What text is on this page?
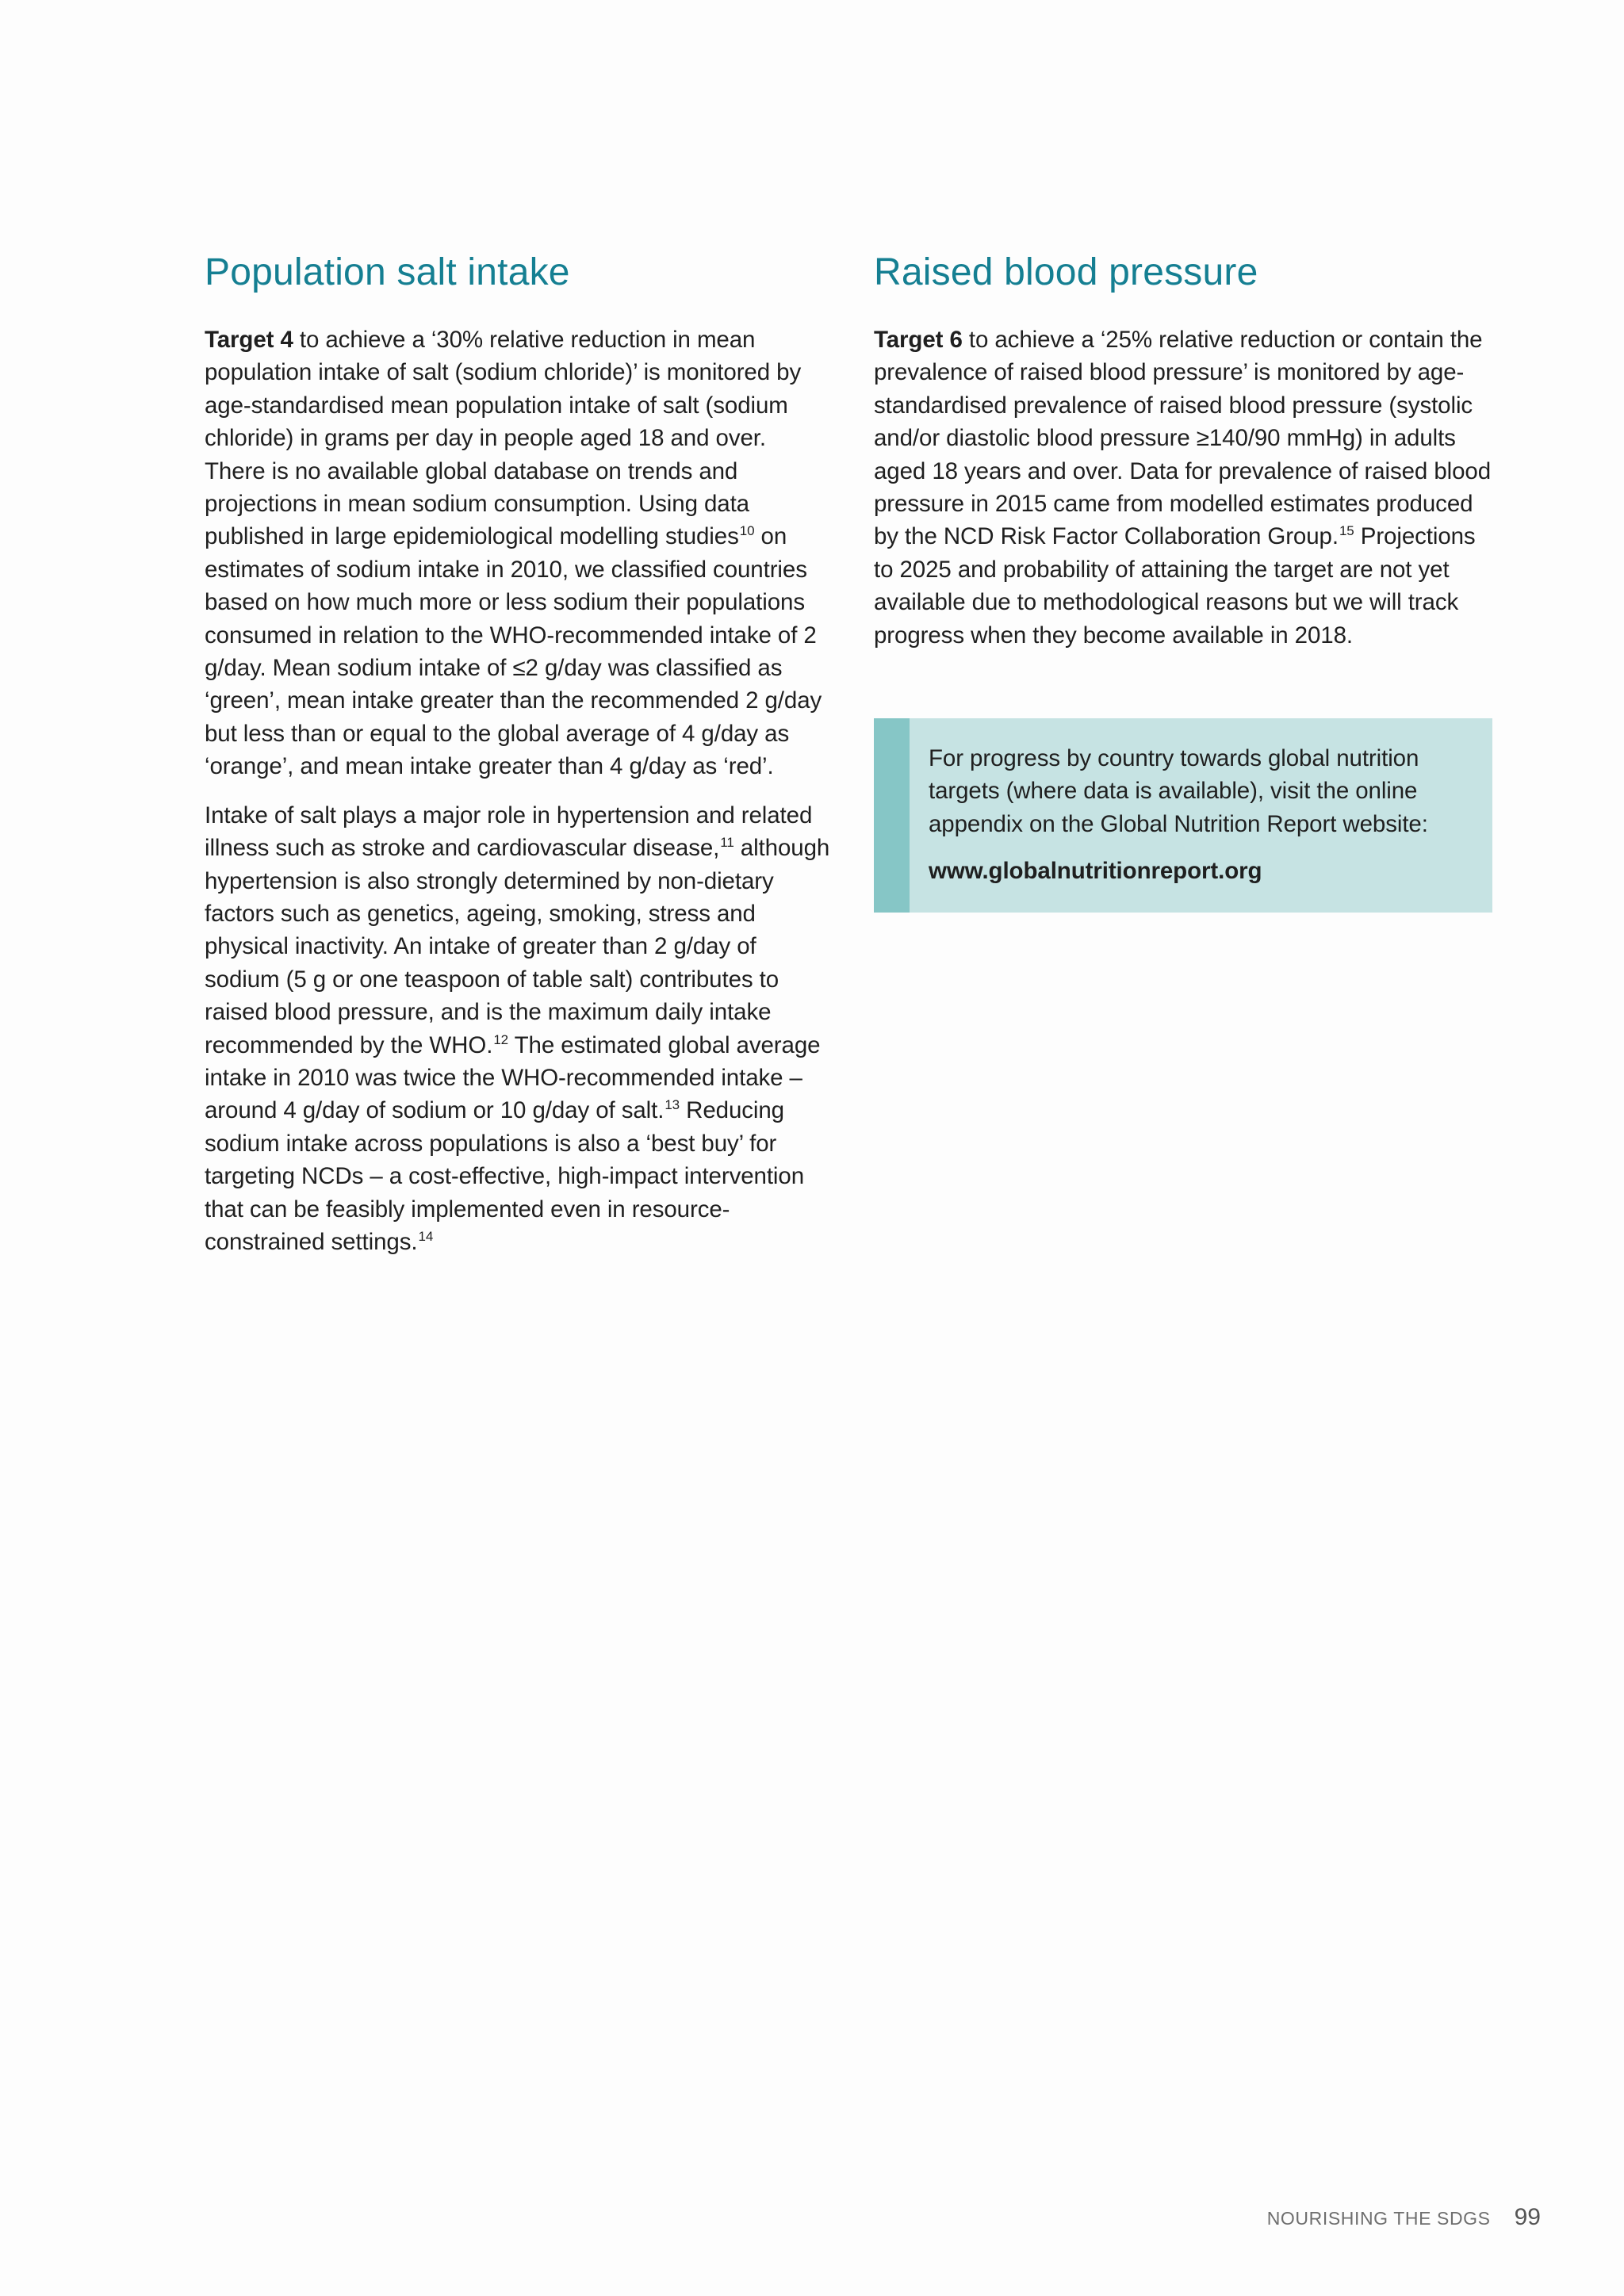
Population salt intake

Target 4 to achieve a ‘30% relative reduction in mean population intake of salt (sodium chloride)’ is monitored by age-standardised mean population intake of salt (sodium chloride) in grams per day in people aged 18 and over. There is no available global database on trends and projections in mean sodium consumption. Using data published in large epidemiological modelling studies$^{10}$ on estimates of sodium intake in 2010, we classified countries based on how much more or less sodium their populations consumed in relation to the WHO-recommended intake of 2 g/day. Mean sodium intake of ≤2 g/day was classified as ‘green’, mean intake greater than the recommended 2 g/day but less than or equal to the global average of 4 g/day as ‘orange’, and mean intake greater than 4 g/day as ‘red’.

Intake of salt plays a major role in hypertension and related illness such as stroke and cardiovascular disease,$^{11}$ although hypertension is also strongly determined by non-dietary factors such as genetics, ageing, smoking, stress and physical inactivity. An intake of greater than 2 g/day of sodium (5 g or one teaspoon of table salt) contributes to raised blood pressure, and is the maximum daily intake recommended by the WHO.$^{12}$ The estimated global average intake in 2010 was twice the WHO-recommended intake – around 4 g/day of sodium or 10 g/day of salt.$^{13}$ Reducing sodium intake across populations is also a ‘best buy’ for targeting NCDs – a cost-effective, high-impact intervention that can be feasibly implemented even in resource-constrained settings.$^{14}$

Raised blood pressure

Target 6 to achieve a ‘25% relative reduction or contain the prevalence of raised blood pressure’ is monitored by age-standardised prevalence of raised blood pressure (systolic and/or diastolic blood pressure ≥140/90 mmHg) in adults aged 18 years and over. Data for prevalence of raised blood pressure in 2015 came from modelled estimates produced by the NCD Risk Factor Collaboration Group.$^{15}$ Projections to 2025 and probability of attaining the target are not yet available due to methodological reasons but we will track progress when they become available in 2018.

For progress by country towards global nutrition targets (where data is available), visit the online appendix on the Global Nutrition Report website:

www.globalnutritionreport.org

NOURISHING THE SDGS 99
